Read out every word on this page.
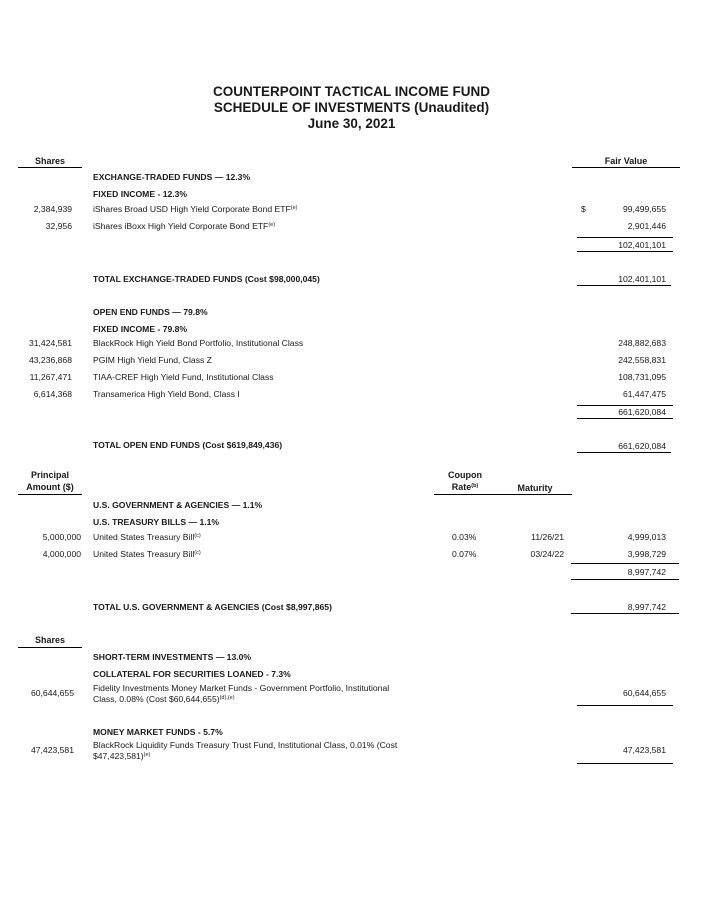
COUNTERPOINT TACTICAL INCOME FUND
SCHEDULE OF INVESTMENTS (Unaudited)
June 30, 2021
Shares	Fair Value
EXCHANGE-TRADED FUNDS — 12.3%
FIXED INCOME - 12.3%
2,384,939 iShares Broad USD High Yield Corporate Bond ETF$^{(e)}$	$	99,499,655
32,956 iShares iBoxx High Yield Corporate Bond ETF$^{(e)}$	2,901,446
102,401,101
TOTAL EXCHANGE-TRADED FUNDS (Cost $98,000,045)	102,401,101
OPEN END FUNDS — 79.8%
FIXED INCOME - 79.8%
31,424,581 BlackRock High Yield Bond Portfolio, Institutional Class	248,882,683
43,236,868 PGIM High Yield Fund, Class Z	242,558,831
11,267,471 TIAA-CREF High Yield Fund, Institutional Class	108,731,095
6,614,368 Transamerica High Yield Bond, Class I	61,447,475
661,620,084
TOTAL OPEN END FUNDS (Cost $619,849,436)	661,620,084
Principal
Amount ($)
Coupon
Rate$^{(b)}$	Maturity
U.S. GOVERNMENT & AGENCIES — 1.1%
U.S. TREASURY BILLS — 1.1%
5,000,000 United States Treasury Bill$^{(c)}$	0.03%	11/26/21	4,999,013
4,000,000 United States Treasury Bill$^{(c)}$	0.07%	03/24/22	3,998,729
8,997,742
TOTAL U.S. GOVERNMENT & AGENCIES (Cost $8,997,865)	8,997,742
Shares
SHORT-TERM INVESTMENTS — 13.0%
COLLATERAL FOR SECURITIES LOANED - 7.3%
60,644,655 Fidelity Investments Money Market Funds - Government Portfolio, Institutional
Class, 0.08% (Cost $60,644,655)$^{(d),(e)}$	60,644,655
MONEY MARKET FUNDS - 5.7%
47,423,581 BlackRock Liquidity Funds Treasury Trust Fund, Institutional Class, 0.01% (Cost
$47,423,581)$^{(e)}$	47,423,581
